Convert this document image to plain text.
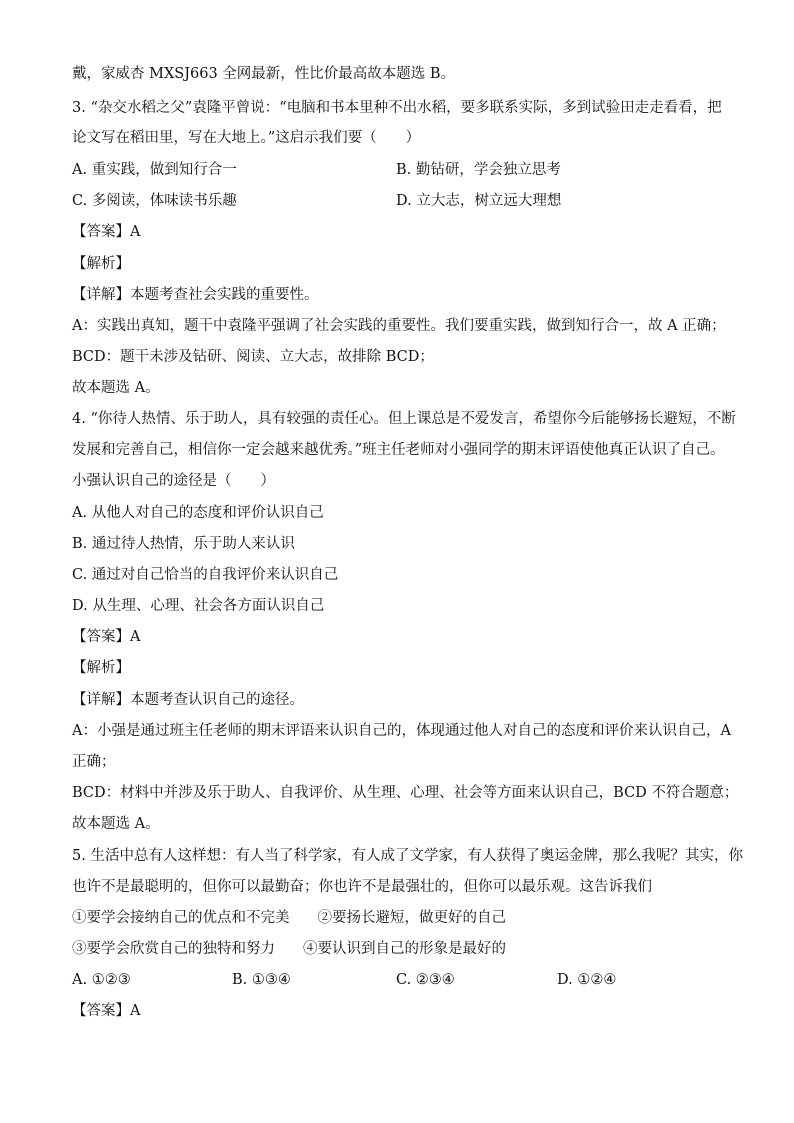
戴，家威杏 MXSJ663 全网最新，性比价最高故本题选 B。
3. “杂交水稻之父”袁隆平曾说：“电脑和书本里种不出水稻，要多联系实际，多到试验田走走看看，把
论文写在稻田里，写在大地上。”这启示我们要（　　）
A. 重实践，做到知行合一	B. 勤钻研，学会独立思考
C. 多阅读，体味读书乐趣	D. 立大志，树立远大理想
【答案】A
【解析】
【详解】本题考查社会实践的重要性。
A：实践出真知，题干中袁隆平强调了社会实践的重要性。我们要重实践，做到知行合一，故 A 正确；
BCD：题干未涉及钻研、阅读、立大志，故排除 BCD；
故本题选 A。
4. “你待人热情、乐于助人，具有较强的责任心。但上课总是不爱发言，希望你今后能够扬长避短，不断
发展和完善自己，相信你一定会越来越优秀。”班主任老师对小强同学的期末评语使他真正认识了自己。
小强认识自己的途径是（　　）
A. 从他人对自己的态度和评价认识自己
B. 通过待人热情，乐于助人来认识
C. 通过对自己恰当的自我评价来认识自己
D. 从生理、心理、社会各方面认识自己
【答案】A
【解析】
【详解】本题考查认识自己的途径。
A：小强是通过班主任老师的期末评语来认识自己的，体现通过他人对自己的态度和评价来认识自己，A
正确；
BCD：材料中并涉及乐于助人、自我评价、从生理、心理、社会等方面来认识自己，BCD 不符合题意；
故本题选 A。
5. 生活中总有人这样想：有人当了科学家，有人成了文学家，有人获得了奥运金牌，那么我呢？其实，你
也许不是最聪明的，但你可以最勤奋；你也许不是最强壮的，但你可以最乐观。这告诉我们
①要学会接纳自己的优点和不完美 ②要扬长避短，做更好的自己
③要学会欣赏自己的独特和努力 ④要认识到自己的形象是最好的
A. ①②③	B. ①③④	C. ②③④	D. ①②④
【答案】A
